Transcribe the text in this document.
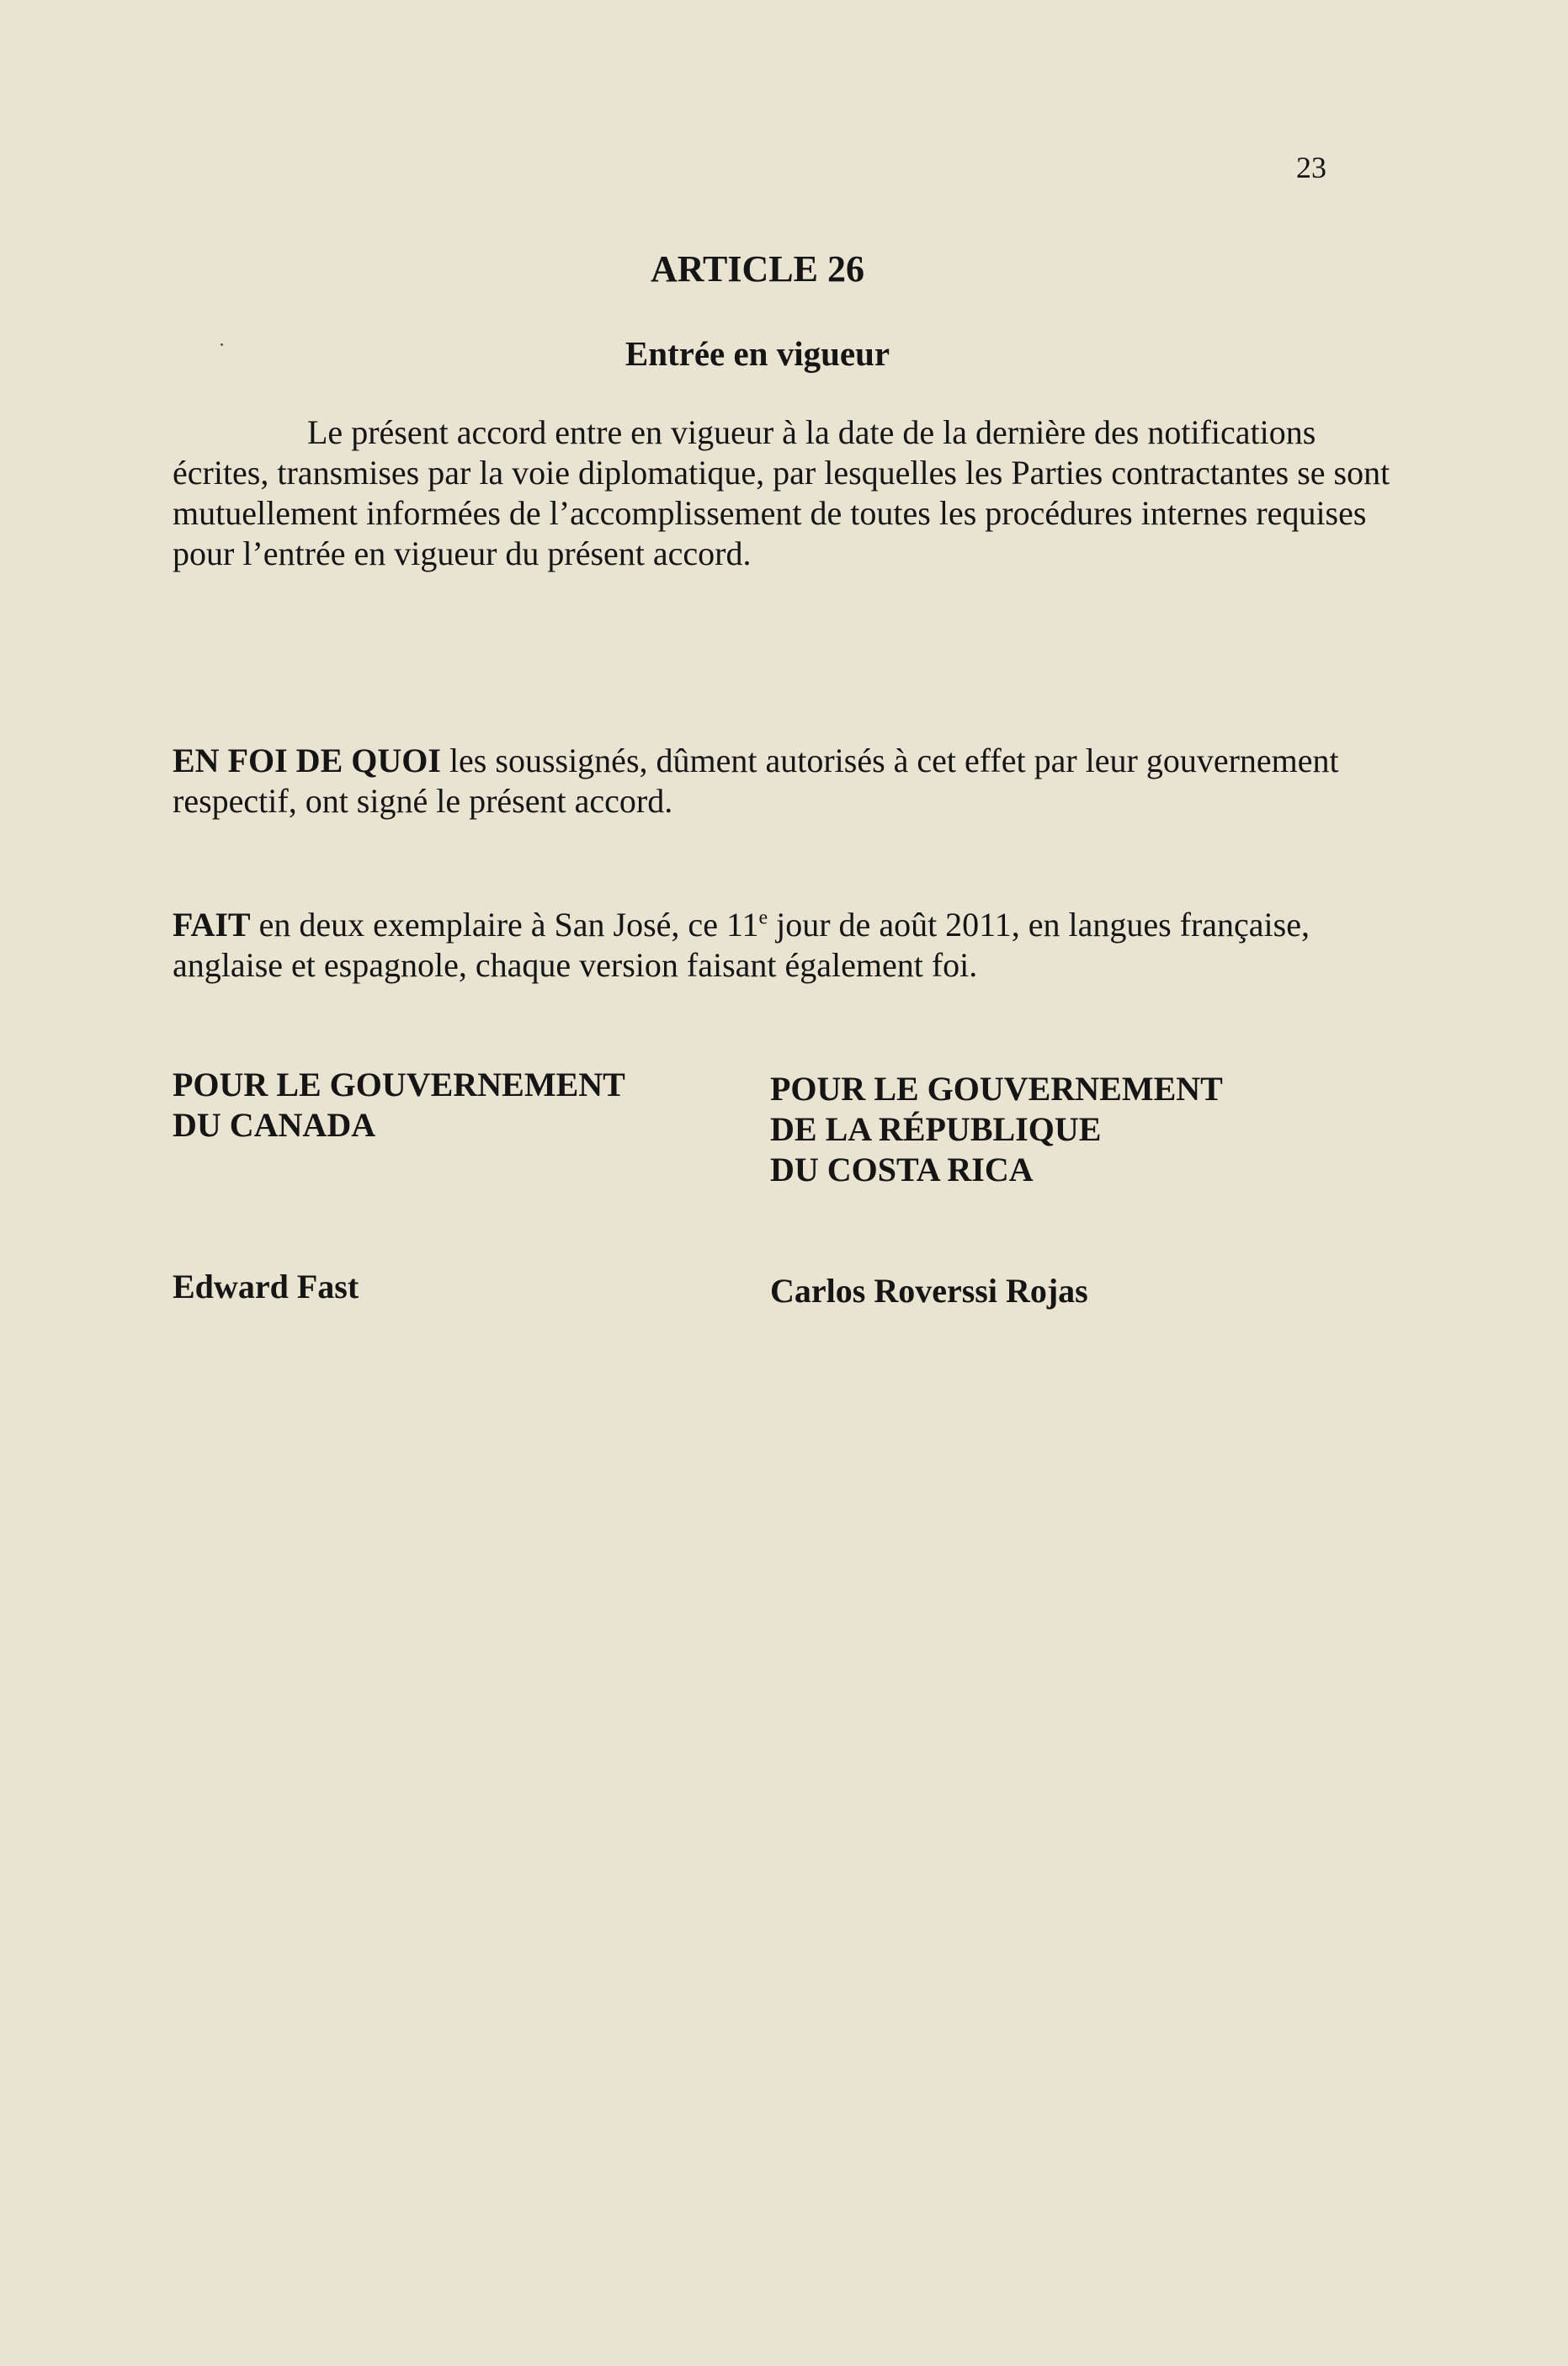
23
ARTICLE 26
Entrée en vigueur

Le présent accord entre en vigueur à la date de la dernière des notifications écrites, transmises par la voie diplomatique, par lesquelles les Parties contractantes se sont mutuellement informées de l’accomplissement de toutes les procédures internes requises pour l’entrée en vigueur du présent accord.

EN FOI DE QUOI les soussignés, dûment autorisés à cet effet par leur gouvernement respectif, ont signé le présent accord.

FAIT en deux exemplaire à San José, ce 11e jour de août 2011, en langues française, anglaise et espagnole, chaque version faisant également foi.

POUR LE GOUVERNEMENT
DU CANADA
POUR LE GOUVERNEMENT
DE LA RÉPUBLIQUE
DU COSTA RICA
Edward Fast	Carlos Roverssi Rojas
